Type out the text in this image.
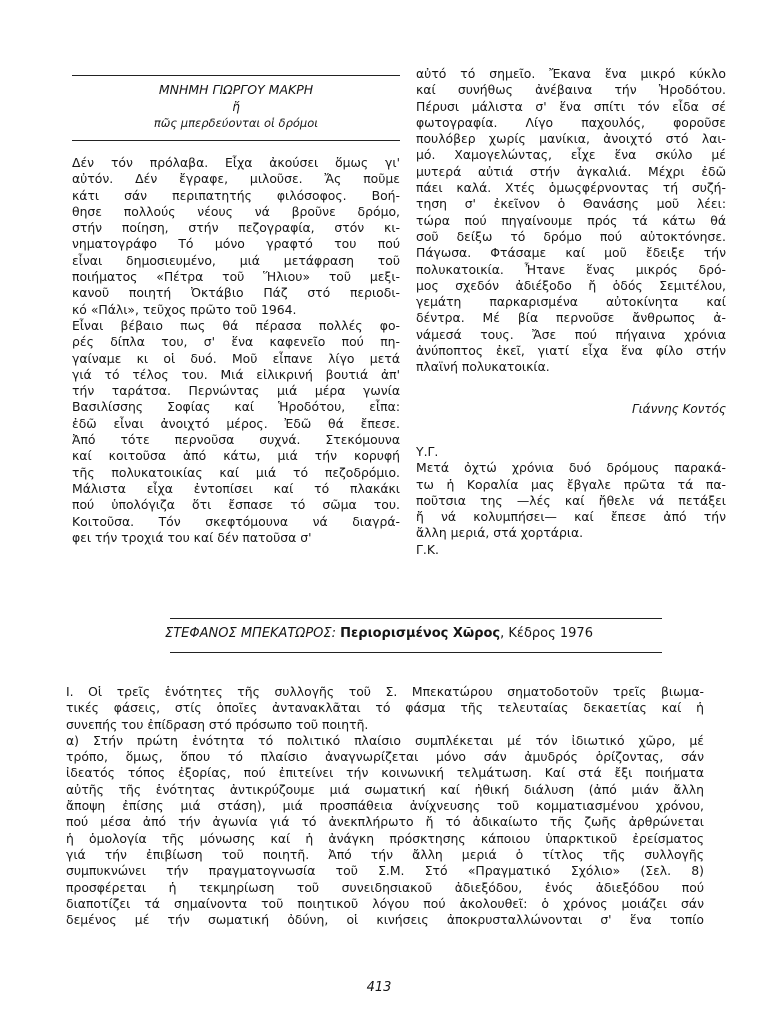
ΜΝΗΜΗ ΓΙΩΡΓΟΥ ΜΑΚΡΗ
ἤ
πῶς μπερδεύονται οἱ δρόμοι
Δέν τόν πρόλαβα. Εἶχα ἀκούσει ὅμως γι'
αὐτόν. Δέν ἔγραφε, μιλοῦσε. Ἄς ποῦμε
κάτι σάν περιπατητής φιλόσοφος. Βοή-
θησε πολλούς νέους νά βροῦνε δρόμο,
στήν ποίηση, στήν πεζογραφία, στόν κι-
νηματογράφο Τό μόνο γραφτό του πού
εἶναι δημοσιευμένο, μιά μετάφραση τοῦ
ποιήματος «Πέτρα τοῦ Ἥλιου» τοῦ μεξι-
κανοῦ ποιητή Ὀκτάβιο Πάζ στό περιοδι-
κό «Πάλι», τεῦχος πρῶτο τοῦ 1964.
Εἶναι βέβαιο πως θά πέρασα πολλές φο-
ρές δίπλα του, σ' ἕνα καφενεῖο πού πη-
γαίναμε κι οἱ δυό. Μοῦ εἶπανε λίγο μετά
γιά τό τέλος του. Μιά εἰλικρινή βουτιά ἀπ'
τήν ταράτσα. Περνώντας μιά μέρα γωνία
Βασιλίσσης Σοφίας καί Ἡροδότου, εἶπα:
ἐδῶ εἶναι ἀνοιχτό μέρος. Ἐδῶ θά ἔπεσε.
Ἀπό τότε περνοῦσα συχνά. Στεκόμουνα
καί κοιτοῦσα ἀπό κάτω, μιά τήν κορυφή
τῆς πολυκατοικίας καί μιά τό πεζοδρόμιο.
Μάλιστα εἶχα ἐντοπίσει καί τό πλακάκι
πού ὑπολόγιζα ὅτι ἔσπασε τό σῶμα του.
Κοιτοῦσα. Τόν σκεφτόμουνα νά διαγρά-
φει τήν τροχιά του καί δέν πατοῦσα σ'
αὐτό τό σημεῖο. Ἔκανα ἕνα μικρό κύκλο
καί συνήθως ἀνέβαινα τήν Ἡροδότου.
Πέρυσι μάλιστα σ' ἕνα σπίτι τόν εἶδα σέ
φωτογραφία. Λίγο παχουλός, φοροῦσε
πουλόβερ χωρίς μανίκια, ἀνοιχτό στό λαι-
μό. Χαμογελώντας, εἶχε ἕνα σκύλο μέ
μυτερά αὐτιά στήν ἀγκαλιά. Μέχρι ἐδῶ
πάει καλά. Χτές ὁμωςφέρνοντας τή συζή-
τηση σ' ἐκεῖνον ὁ Θανάσης μοῦ λέει:
τώρα πού πηγαίνουμε πρός τά κάτω θά
σοῦ δείξω τό δρόμο πού αὐτοκτόνησε.
Πάγωσα. Φτάσαμε καί μοῦ ἔδειξε τήν
πολυκατοικία. Ἦτανε ἕνας μικρός δρό-
μος σχεδόν ἀδιέξοδο ἤ ὁδός Σεμιτέλου,
γεμάτη παρκαρισμένα αὐτοκίνητα καί
δέντρα. Μέ βία περνοῦσε ἄνθρωπος ἀ-
νάμεσά τους. Ἄσε πού πήγαινα χρόνια
ἀνύποπτος ἐκεῖ, γιατί εἶχα ἕνα φίλο στήν
πλαϊνή πολυκατοικία.
Γιάννης Κοντός
Υ.Γ.
Μετά ὀχτώ χρόνια δυό δρόμους παρακά-
τω ἡ Κοραλία μας ἔβγαλε πρῶτα τά πα-
ποῦτσια της —λές καί ἤθελε νά πετάξει
ἤ νά κολυμπήσει— καί ἔπεσε ἀπό τήν
ἄλλη μεριά, στά χορτάρια.
Γ.Κ.
ΣΤΕΦΑΝΟΣ ΜΠΕΚΑΤΩΡΟΣ: Περιορισμένος Χῶρος, Κέδρος 1976
Ι. Οἱ τρεῖς ἑνότητες τῆς συλλογῆς τοῦ Σ. Μπεκατώρου σηματοδοτοῦν τρεῖς βιωμα-
τικές φάσεις, στίς ὁποῖες ἀντανακλᾶται τό φάσμα τῆς τελευταίας δεκαετίας καί ἡ
συνεπής του ἐπίδραση στό πρόσωπο τοῦ ποιητῆ.
α) Στήν πρώτη ἑνότητα τό πολιτικό πλαίσιο συμπλέκεται μέ τόν ἰδιωτικό χῶρο, μέ
τρόπο, ὅμως, ὅπου τό πλαίσιο ἀναγνωρίζεται μόνο σάν ἀμυδρός ὁρίζοντας, σάν
ἰδεατός τόπος ἐξορίας, πού ἐπιτείνει τήν κοινωνική τελμάτωση. Καί στά ἔξι ποιήματα
αὐτῆς τῆς ἑνότητας ἀντικρύζουμε μιά σωματική καί ἠθική διάλυση (ἀπό μιάν ἄλλη
ἄποψη ἐπίσης μιά στάση), μιά προσπάθεια ἀνίχνευσης τοῦ κομματιασμένου χρόνου,
πού μέσα ἀπό τήν ἀγωνία γιά τό ἀνεκπλήρωτο ἤ τό ἀδικαίωτο τῆς ζωῆς ἀρθρώνεται
ἡ ὁμολογία τῆς μόνωσης καί ἡ ἀνάγκη πρόσκτησης κάποιου ὑπαρκτικοῦ ἐρείσματος
γιά τήν ἐπιβίωση τοῦ ποιητῆ. Ἀπό τήν ἄλλη μεριά ὁ τίτλος τῆς συλλογῆς
συμπυκνώνει τήν πραγματογνωσία τοῦ Σ.Μ. Στό «Πραγματικό Σχόλιο» (Σελ. 8)
προσφέρεται ἡ τεκμηρίωση τοῦ συνειδησιακοῦ ἀδιεξόδου, ἑνός ἀδιεξόδου πού
διαποτίζει τά σημαίνοντα τοῦ ποιητικοῦ λόγου πού ἀκολουθεῖ: ὁ χρόνος μοιάζει σάν
δεμένος μέ τήν σωματική ὀδύνη, οἱ κινήσεις ἀποκρυσταλλώνονται σ' ἕνα τοπίο
413
